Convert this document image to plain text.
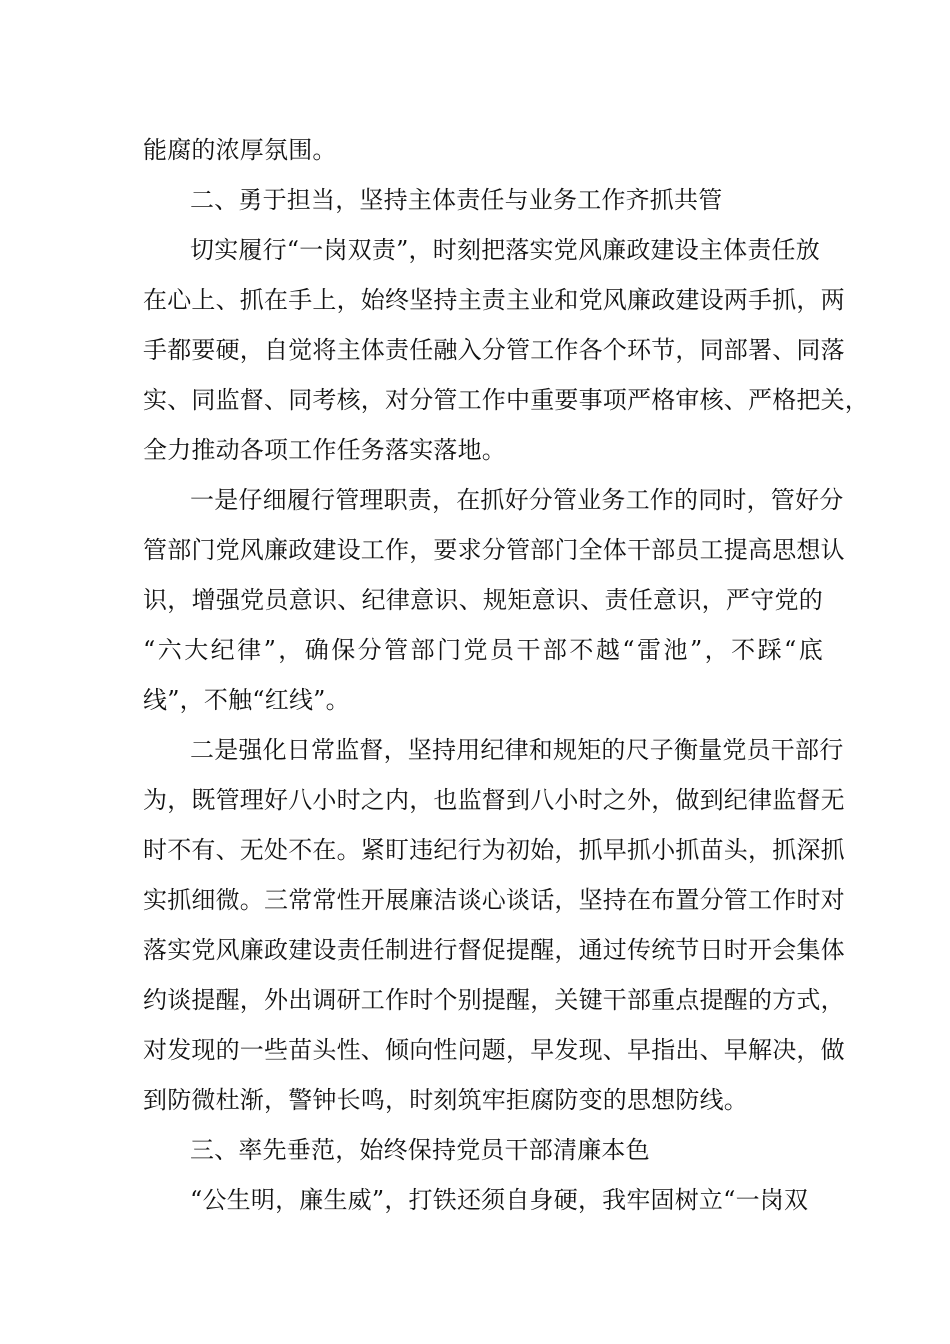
能腐的浓厚氛围。
二、勇于担当，坚持主体责任与业务工作齐抓共管
切实履行“一岗双责”，时刻把落实党风廉政建设主体责任放
在心上、抓在手上，始终坚持主责主业和党风廉政建设两手抓，两
手都要硬，自觉将主体责任融入分管工作各个环节，同部署、同落
实、同监督、同考核，对分管工作中重要事项严格审核、严格把关，
全力推动各项工作任务落实落地。
一是仔细履行管理职责，在抓好分管业务工作的同时，管好分
管部门党风廉政建设工作，要求分管部门全体干部员工提高思想认
识，增强党员意识、纪律意识、规矩意识、责任意识，严守党的
“六大纪律”，确保分管部门党员干部不越“雷池”，不踩“底
线”，不触“红线”。
二是强化日常监督，坚持用纪律和规矩的尺子衡量党员干部行
为，既管理好八小时之内，也监督到八小时之外，做到纪律监督无
时不有、无处不在。紧盯违纪行为初始，抓早抓小抓苗头，抓深抓
实抓细微。三常常性开展廉洁谈心谈话，坚持在布置分管工作时对
落实党风廉政建设责任制进行督促提醒，通过传统节日时开会集体
约谈提醒，外出调研工作时个别提醒，关键干部重点提醒的方式，
对发现的一些苗头性、倾向性问题，早发现、早指出、早解决，做
到防微杜渐，警钟长鸣，时刻筑牢拒腐防变的思想防线。
三、率先垂范，始终保持党员干部清廉本色
“公生明，廉生威”，打铁还须自身硬，我牢固树立“一岗双
